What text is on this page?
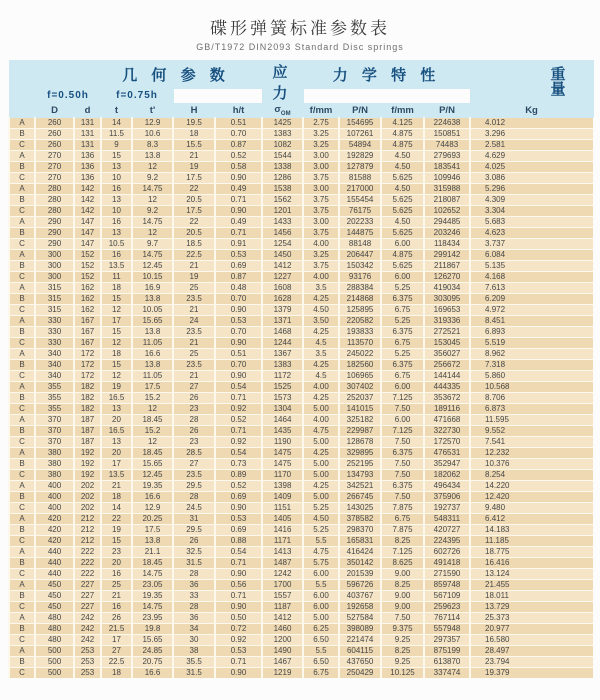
碟形弹簧标准参数表
GB/T1972 DIN2093 Standard Disc springs
	几 何 参 数						应 力	力 学 特 性				重
量
	f=0.50h		f=0.75h									
	D	d	t	t'	H	h/t	$\sigma_{OM}$	f/mm	P/N	f/mm	P/N	Kg
A	260	131	14	12.9	19.5	0.51	1425	2.75	154695	4.125	224638	4.012
B	260	131	11.5	10.6	18	0.70	1383	3.25	107261	4.875	150851	3.296
C	260	131	9	8.3	15.5	0.87	1082	3.25	54894	4.875	74483	2.581
A	270	136	15	13.8	21	0.52	1544	3.00	192829	4.50	279693	4.629
B	270	136	13	12	19	0.58	1338	3.00	127879	4.50	183541	4.025
C	270	136	10	9.2	17.5	0.90	1286	3.75	81588	5.625	109946	3.086
A	280	142	16	14.75	22	0.49	1538	3.00	217000	4.50	315988	5.296
B	280	142	13	12	20.5	0.71	1562	3.75	155454	5.625	218087	4.309
C	280	142	10	9.2	17.5	0.90	1201	3.75	76175	5.625	102652	3.304
A	290	147	16	14.75	22	0.49	1433	3.00	202233	4.50	294485	5.683
B	290	147	13	12	20.5	0.71	1456	3.75	144875	5.625	203246	4.623
C	290	147	10.5	9.7	18.5	0.91	1254	4.00	88148	6.00	118434	3.737
A	300	152	16	14.75	22.5	0.53	1450	3.25	206447	4.875	299142	6.084
B	300	152	13.5	12.45	21	0.69	1412	3.75	150342	5.625	211867	5.135
C	300	152	11	10.15	19	0.87	1227	4.00	93176	6.00	126270	4.168
A	315	162	18	16.9	25	0.48	1608	3.5	288384	5.25	419034	7.613
B	315	162	15	13.8	23.5	0.70	1628	4.25	214868	6.375	303095	6.209
C	315	162	12	10.05	21	0.90	1379	4.50	125895	6.75	169653	4.972
A	330	167	17	15.65	24	0.53	1371	3.50	220582	5.25	319336	8.451
B	330	167	15	13.8	23.5	0.70	1468	4.25	193833	6.375	272521	6.893
C	330	167	12	11.05	21	0.90	1244	4.5	113570	6.75	153045	5.519
A	340	172	18	16.6	25	0.51	1367	3.5	245022	5.25	356027	8.962
B	340	172	15	13.8	23.5	0.70	1383	4.25	182560	6.375	256672	7.318
C	340	172	12	11.05	21	0.90	1172	4.5	106965	6.75	144144	5.860
A	355	182	19	17.5	27	0.54	1525	4.00	307402	6.00	444335	10.568
B	355	182	16.5	15.2	26	0.71	1573	4.25	252037	7.125	353672	8.706
C	355	182	13	12	23	0.92	1304	5.00	141015	7.50	189116	6.873
A	370	187	20	18.45	28	0.52	1464	4.00	325182	6.00	471668	11.595
B	370	187	16.5	15.2	26	0.71	1435	4.75	229987	7.125	322730	9.552
C	370	187	13	12	23	0.92	1190	5.00	128678	7.50	172570	7.541
A	380	192	20	18.45	28.5	0.54	1475	4.25	329895	6.375	476531	12.232
B	380	192	17	15.65	27	0.73	1475	5.00	252195	7.50	352947	10.376
C	380	192	13.5	12.45	23.5	0.89	1170	5.00	134793	7.50	182062	8.254
A	400	202	21	19.35	29.5	0.52	1398	4.25	342521	6.375	496434	14.220
B	400	202	18	16.6	28	0.69	1409	5.00	266745	7.50	375906	12.420
C	400	202	14	12.9	24.5	0.90	1151	5.25	143025	7.875	192737	9.480
A	420	212	22	20.25	31	0.53	1405	4.50	378582	6.75	548311	6.412
B	420	212	19	17.5	29.5	0.69	1416	5.25	298370	7.875	420727	14.183
C	420	212	15	13.8	26	0.88	1171	5.5	165831	8.25	224395	11.185
A	440	222	23	21.1	32.5	0.54	1413	4.75	416424	7.125	602726	18.775
B	440	222	20	18.45	31.5	0.71	1487	5.75	350142	8.625	491418	16.416
C	440	222	16	14.75	28	0.90	1242	6.00	201539	9.00	271590	13.124
A	450	227	25	23.05	36	0.56	1700	5.5	596726	8.25	859748	21.455
B	450	227	21	19.35	33	0.71	1557	6.00	403767	9.00	567109	18.011
C	450	227	16	14.75	28	0.90	1187	6.00	192658	9.00	259623	13.729
A	480	242	26	23.95	36	0.50	1412	5.00	527584	7.50	767114	25.373
B	480	242	21.5	19.8	34	0.72	1460	6.25	398089	9.375	557948	20.977
C	480	242	17	15.65	30	0.92	1200	6.50	221474	9.25	297357	16.580
A	500	253	27	24.85	38	0.53	1490	5.5	604115	8.25	875199	28.497
B	500	253	22.5	20.75	35.5	0.71	1467	6.50	437650	9.25	613870	23.794
C	500	253	18	16.6	31.5	0.90	1219	6.75	250429	10.125	337474	19.379
